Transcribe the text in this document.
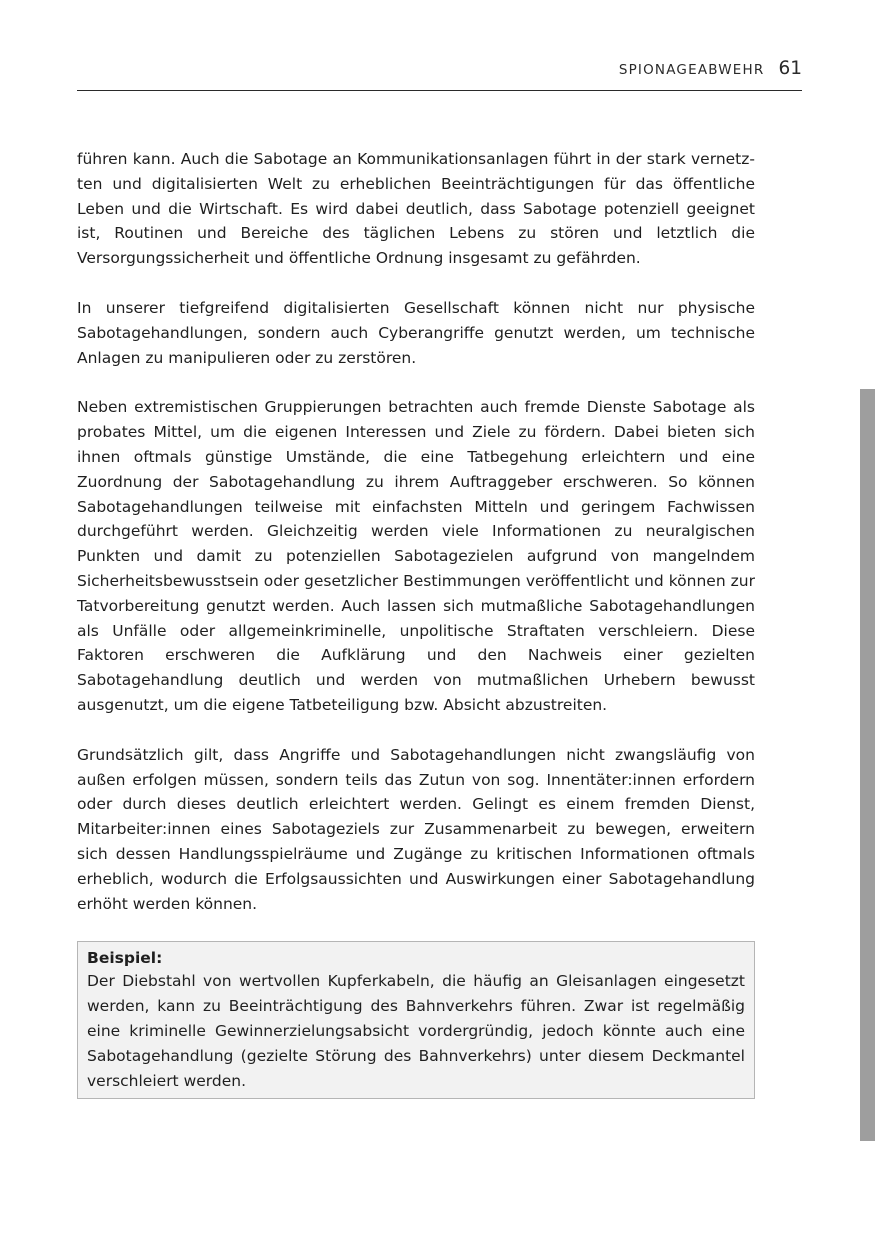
SPIONAGEABWEHR 61

führen kann. Auch die Sabotage an Kommunikationsanlagen führt in der stark vernetzten und digitalisierten Welt zu erheblichen Beeinträchtigungen für das öffentliche Leben und die Wirtschaft. Es wird dabei deutlich, dass Sabotage potenziell geeignet ist, Routinen und Bereiche des täglichen Lebens zu stören und letztlich die Versorgungssicherheit und öffentliche Ordnung insgesamt zu gefährden.

In unserer tiefgreifend digitalisierten Gesellschaft können nicht nur physische Sabotagehandlungen, sondern auch Cyberangriffe genutzt werden, um technische Anlagen zu manipulieren oder zu zerstören.

Neben extremistischen Gruppierungen betrachten auch fremde Dienste Sabotage als probates Mittel, um die eigenen Interessen und Ziele zu fördern. Dabei bieten sich ihnen oftmals günstige Umstände, die eine Tatbegehung erleichtern und eine Zuordnung der Sabotagehandlung zu ihrem Auftraggeber erschweren. So können Sabotagehandlungen teilweise mit einfachsten Mitteln und geringem Fachwissen durchgeführt werden. Gleichzeitig werden viele Informationen zu neuralgischen Punkten und damit zu potenziellen Sabotagezielen aufgrund von mangelndem Sicherheitsbewusstsein oder gesetzlicher Bestimmungen veröffentlicht und können zur Tatvorbereitung genutzt werden. Auch lassen sich mutmaßliche Sabotagehandlungen als Unfälle oder allgemeinkriminelle, unpolitische Straftaten verschleiern. Diese Faktoren erschweren die Aufklärung und den Nachweis einer gezielten Sabotagehandlung deutlich und werden von mutmaßlichen Urhebern bewusst ausgenutzt, um die eigene Tatbeteiligung bzw. Absicht abzustreiten.

Grundsätzlich gilt, dass Angriffe und Sabotagehandlungen nicht zwangsläufig von außen erfolgen müssen, sondern teils das Zutun von sog. Innentäter:innen erfordern oder durch dieses deutlich erleichtert werden. Gelingt es einem fremden Dienst, Mitarbeiter:innen eines Sabotageziels zur Zusammenarbeit zu bewegen, erweitern sich dessen Handlungsspielräume und Zugänge zu kritischen Informationen oftmals erheblich, wodurch die Erfolgsaussichten und Auswirkungen einer Sabotagehandlung erhöht werden können.

Beispiel:

Der Diebstahl von wertvollen Kupferkabeln, die häufig an Gleisanlagen eingesetzt werden, kann zu Beeinträchtigung des Bahnverkehrs führen. Zwar ist regelmäßig eine kriminelle Gewinnerzielungsabsicht vordergründig, jedoch könnte auch eine Sabotagehandlung (gezielte Störung des Bahnverkehrs) unter diesem Deckmantel verschleiert werden.
